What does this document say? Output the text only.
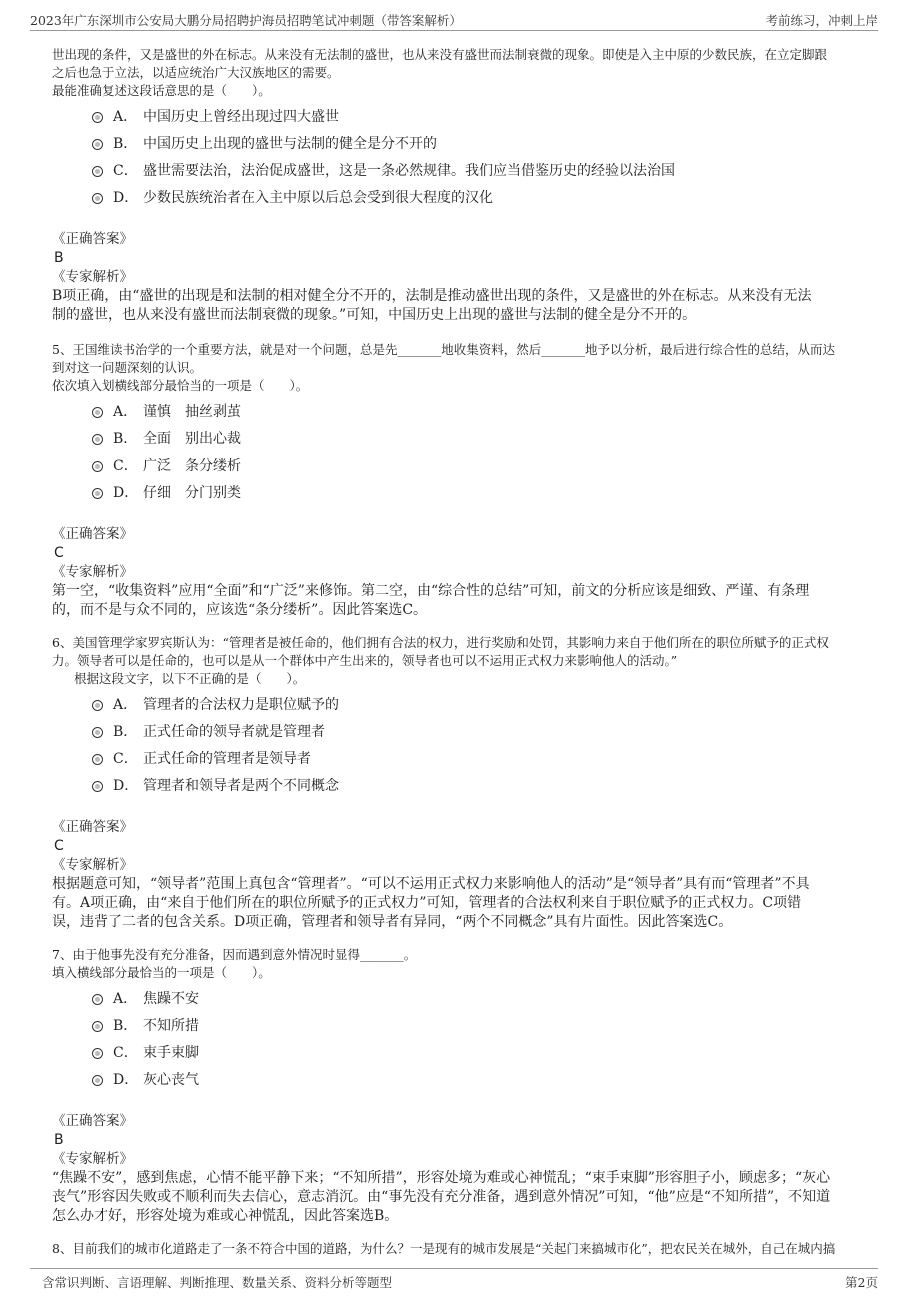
2023年广东深圳市公安局大鹏分局招聘护海员招聘笔试冲刺题（带答案解析）	考前练习，冲刺上岸

世出现的条件，又是盛世的外在标志。从来没有无法制的盛世，也从来没有盛世而法制衰微的现象。即使是入主中原的少数民族，在立定脚跟

之后也急于立法，以适应统治广大汉族地区的需要。

最能准确复述这段话意思的是（　　）。

A． 中国历史上曾经出现过四大盛世
B． 中国历史上出现的盛世与法制的健全是分不开的
C． 盛世需要法治，法治促成盛世，这是一条必然规律。我们应当借鉴历史的经验以法治国
D． 少数民族统治者在入主中原以后总会受到很大程度的汉化

《正确答案》

B

《专家解析》

B项正确，由“盛世的出现是和法制的相对健全分不开的，法制是推动盛世出现的条件，又是盛世的外在标志。从来没有无法

制的盛世，也从来没有盛世而法制衰微的现象。”可知，中国历史上出现的盛世与法制的健全是分不开的。

5、王国维读书治学的一个重要方法，就是对一个问题，总是先_______地收集资料，然后_______地予以分析，最后进行综合性的总结，从而达

到对这一问题深刻的认识。

依次填入划横线部分最恰当的一项是（　　）。

A． 谨慎　抽丝剥茧
B． 全面　别出心裁
C． 广泛　条分缕析
D． 仔细　分门别类

《正确答案》

C

《专家解析》

第一空，“收集资料”应用“全面”和“广泛”来修饰。第二空，由“综合性的总结”可知，前文的分析应该是细致、严谨、有条理

的，而不是与众不同的，应该选“条分缕析”。因此答案选C。

6、美国管理学家罗宾斯认为：“管理者是被任命的，他们拥有合法的权力，进行奖励和处罚，其影响力来自于他们所在的职位所赋予的正式权

力。领导者可以是任命的，也可以是从一个群体中产生出来的，领导者也可以不运用正式权力来影响他人的活动。”

根据这段文字，以下不正确的是（　　）。

A． 管理者的合法权力是职位赋予的
B． 正式任命的领导者就是管理者
C． 正式任命的管理者是领导者
D． 管理者和领导者是两个不同概念

《正确答案》

C

《专家解析》

根据题意可知，“领导者”范围上真包含“管理者”。“可以不运用正式权力来影响他人的活动”是“领导者”具有而“管理者”不具

有。A项正确，由“来自于他们所在的职位所赋予的正式权力”可知，管理者的合法权利来自于职位赋予的正式权力。C项错

误，违背了二者的包含关系。D项正确，管理者和领导者有异同，“两个不同概念”具有片面性。因此答案选C。

7、由于他事先没有充分准备，因而遇到意外情况时显得_______。

填入横线部分最恰当的一项是（　　）。

A． 焦躁不安
B． 不知所措
C． 束手束脚
D． 灰心丧气

《正确答案》

B

《专家解析》

“焦躁不安”，感到焦虑，心情不能平静下来；“不知所措”，形容处境为难或心神慌乱；“束手束脚”形容胆子小，顾虑多；“灰心

丧气”形容因失败或不顺利而失去信心，意志消沉。由“事先没有充分准备，遇到意外情况”可知，“他”应是“不知所措”，不知道

怎么办才好，形容处境为难或心神慌乱，因此答案选B。

8、目前我们的城市化道路走了一条不符合中国的道路，为什么？一是现有的城市发展是“关起门来搞城市化”，把农民关在城外，自己在城内搞

含常识判断、言语理解、判断推理、数量关系、资料分析等题型	第2页
